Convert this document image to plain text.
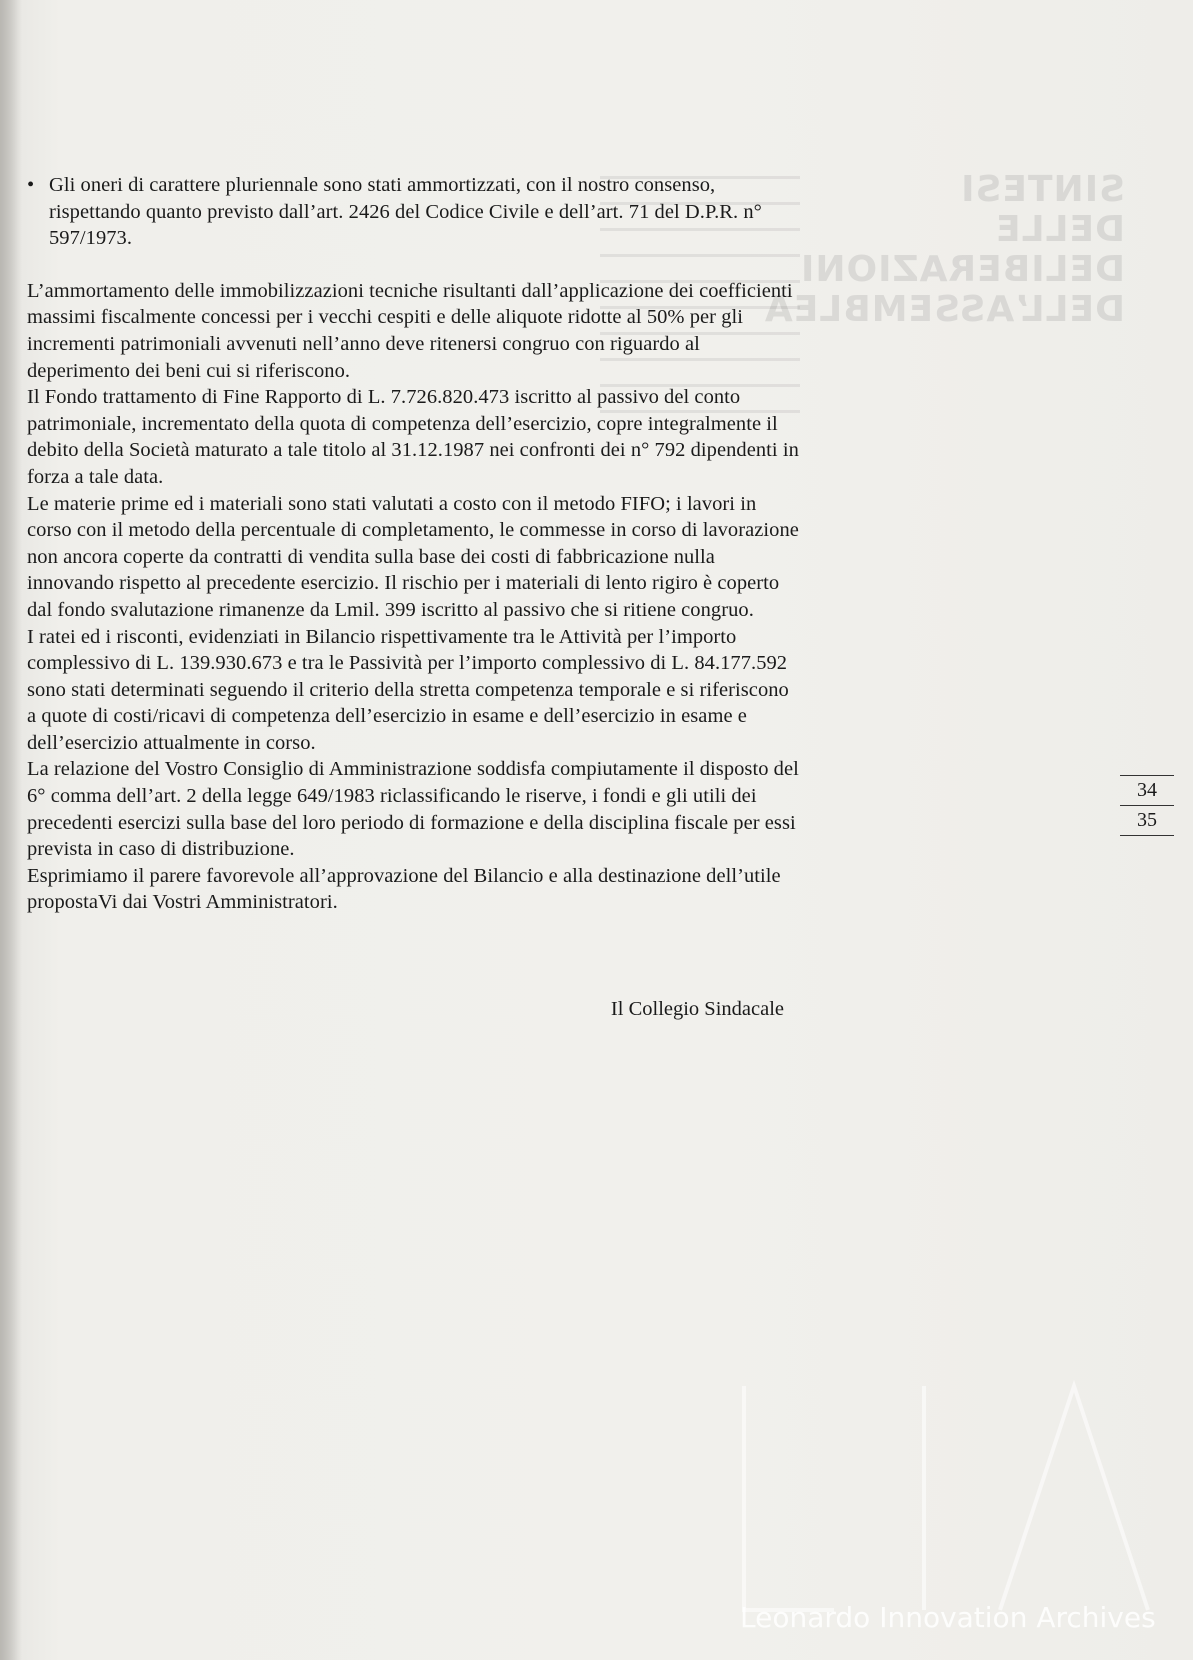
SINTESI DELLE
DELIBERAZIONI
DELL’ASSEMBLEA
• Gli oneri di carattere pluriennale sono stati ammortizzati, con il nostro consenso, rispettando quanto previsto dall’art. 2426 del Codice Civile e dell’art. 71 del D.P.R. n° 597/1973.

L’ammortamento delle immobilizzazioni tecniche risultanti dall’applicazione dei coefficienti massimi fiscalmente concessi per i vecchi cespiti e delle aliquote ridotte al 50% per gli incrementi patrimoniali avvenuti nell’anno deve ritenersi congruo con riguardo al deperimento dei beni cui si riferiscono.

Il Fondo trattamento di Fine Rapporto di L. 7.726.820.473 iscritto al passivo del conto patrimoniale, incrementato della quota di competenza dell’esercizio, copre integralmente il debito della Società maturato a tale titolo al 31.12.1987 nei confronti dei n° 792 dipendenti in forza a tale data.

Le materie prime ed i materiali sono stati valutati a costo con il metodo FIFO; i lavori in corso con il metodo della percentuale di completamento, le commesse in corso di lavorazione non ancora coperte da contratti di vendita sulla base dei costi di fabbricazione nulla innovando rispetto al precedente esercizio. Il rischio per i materiali di lento rigiro è coperto dal fondo svalutazione rimanenze da Lmil. 399 iscritto al passivo che si ritiene congruo.

I ratei ed i risconti, evidenziati in Bilancio rispettivamente tra le Attività per l’importo complessivo di L. 139.930.673 e tra le Passività per l’importo complessivo di L. 84.177.592 sono stati determinati seguendo il criterio della stretta competenza temporale e si riferiscono a quote di costi/ricavi di competenza dell’esercizio in esame e dell’esercizio in esame e dell’esercizio attualmente in corso.

La relazione del Vostro Consiglio di Amministrazione soddisfa compiutamente il disposto del 6° comma dell’art. 2 della legge 649/1983 riclassificando le riserve, i fondi e gli utili dei precedenti esercizi sulla base del loro periodo di formazione e della disciplina fiscale per essi prevista in caso di distribuzione.

Esprimiamo il parere favorevole all’approvazione del Bilancio e alla destinazione dell’utile propostaVi dai Vostri Amministratori.

Il Collegio Sindacale
34
35
Leonardo Innovation Archives
